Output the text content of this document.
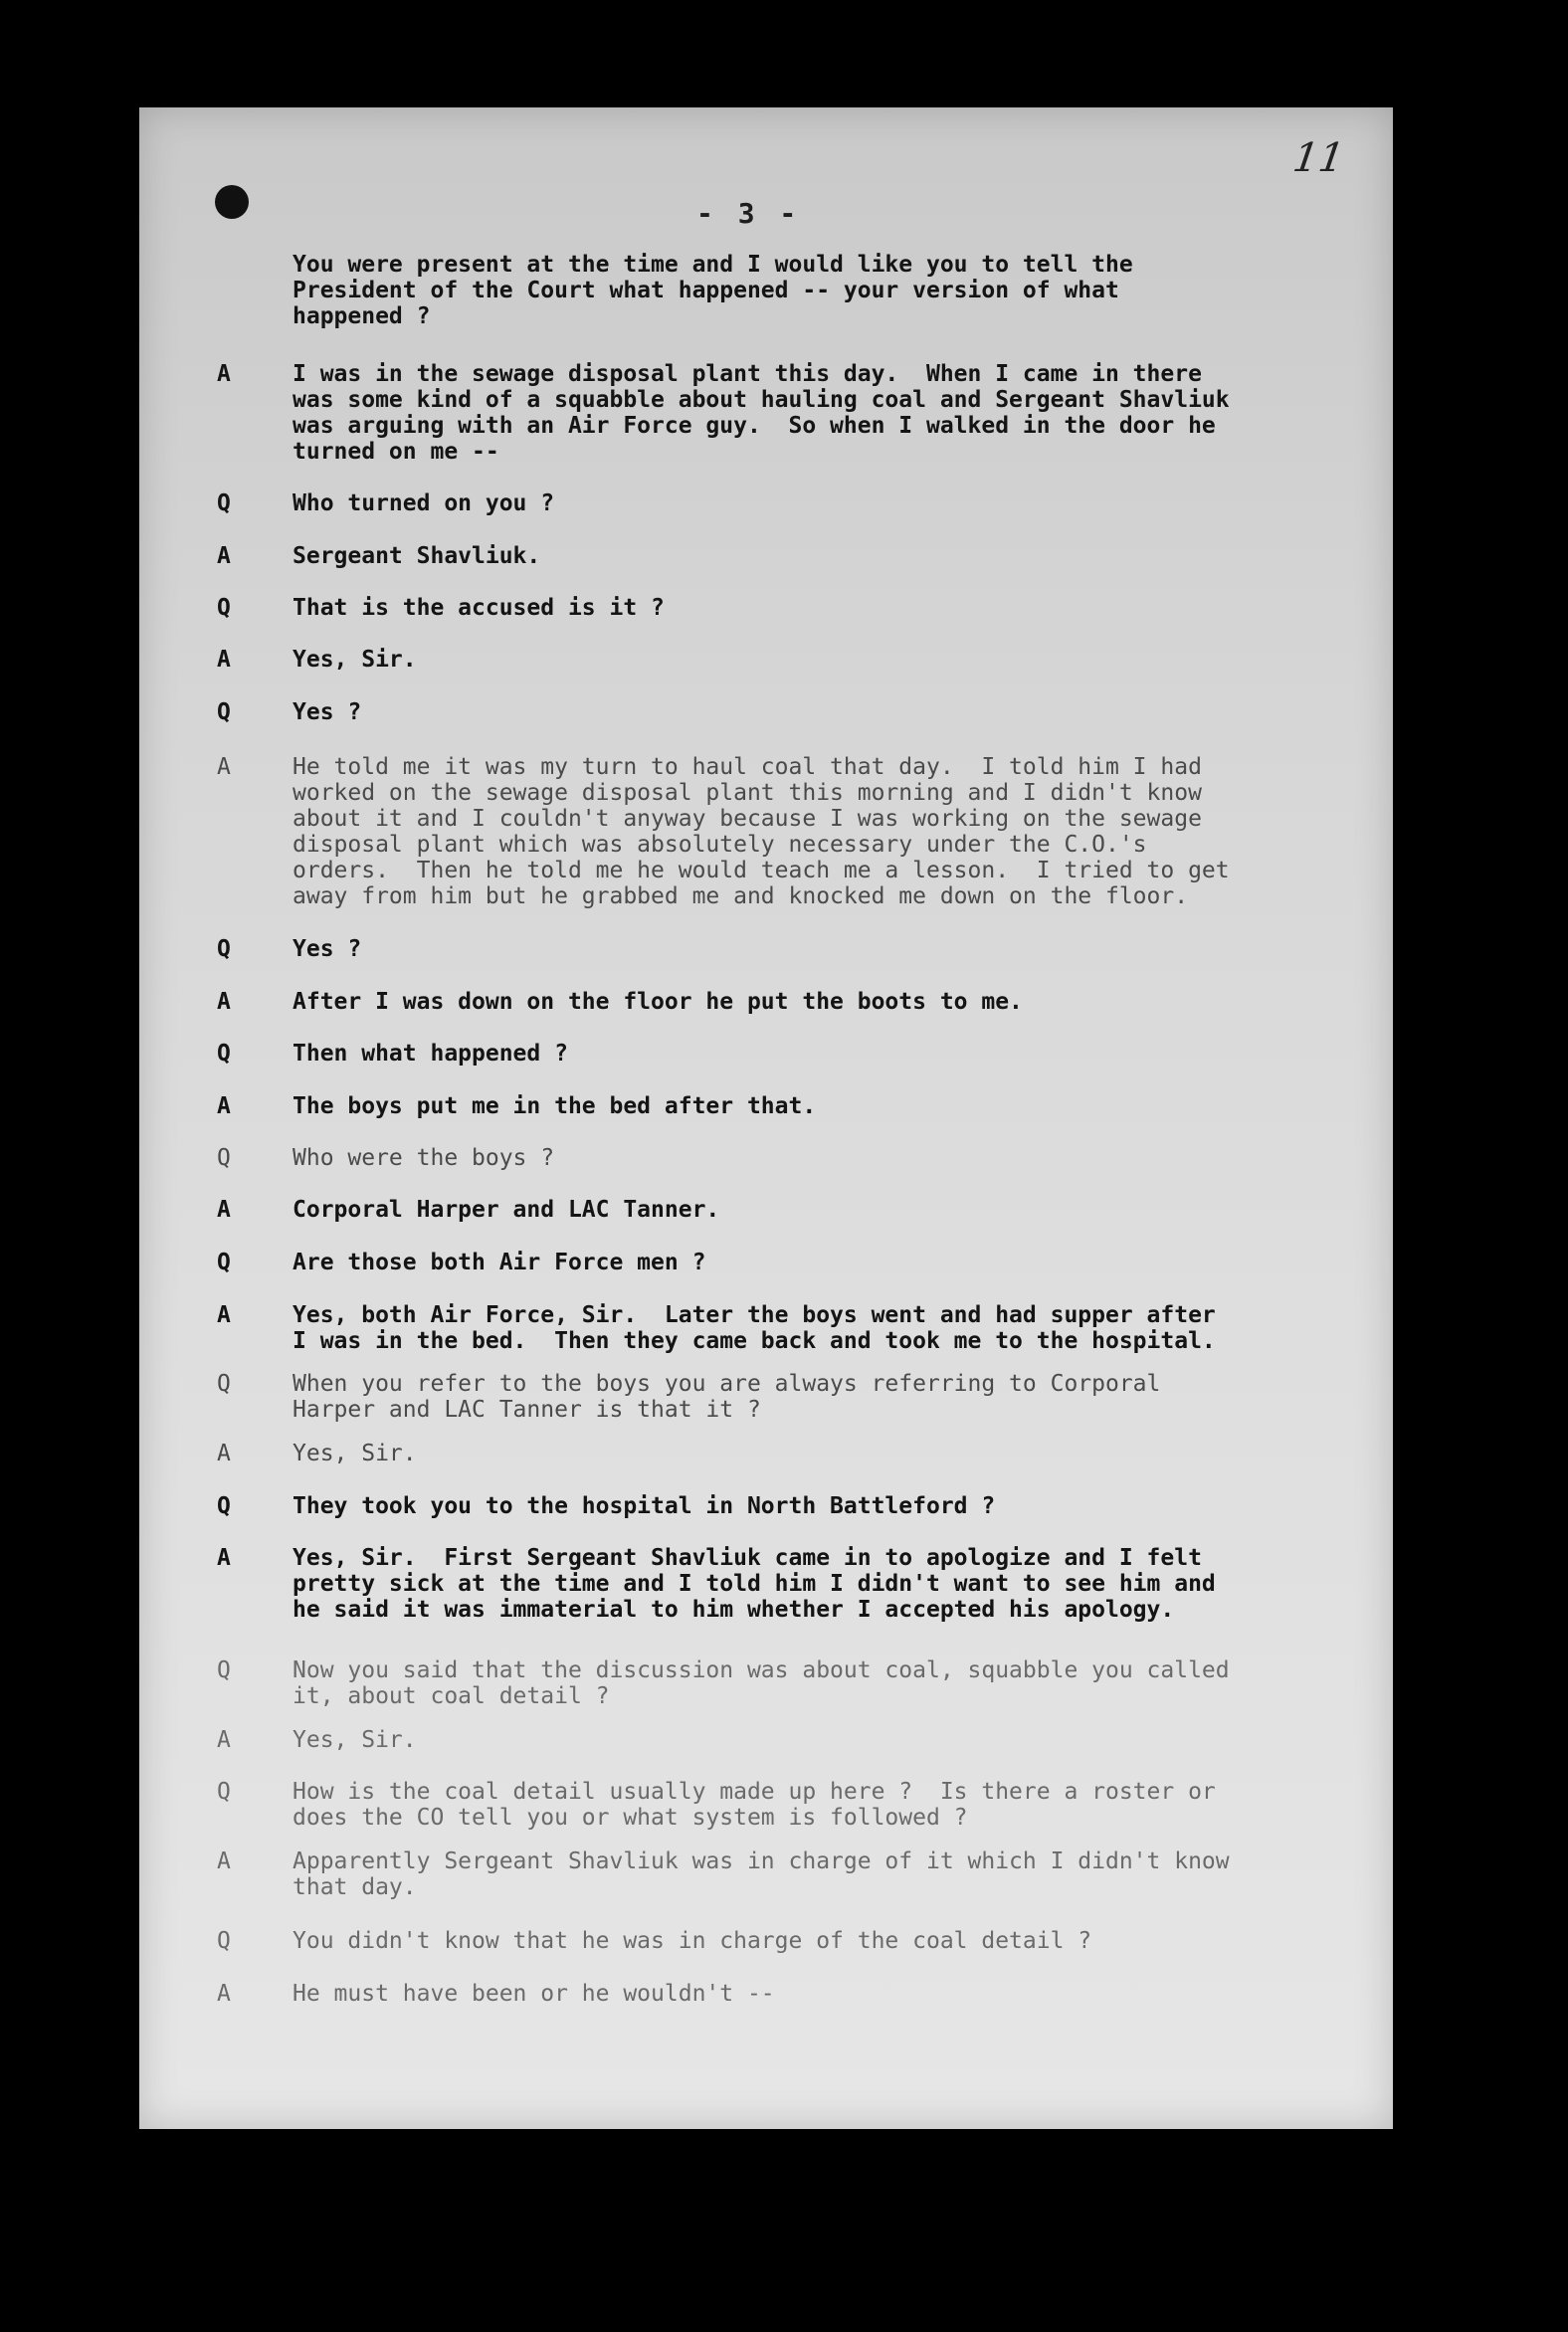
11
- 3 -
You were present at the time and I would like you to tell the
President of the Court what happened -- your version of what
happened ?
A	I was in the sewage disposal plant this day.  When I came in there
was some kind of a squabble about hauling coal and Sergeant Shavliuk
was arguing with an Air Force guy.  So when I walked in the door he
turned on me --
Q	Who turned on you ?
A	Sergeant Shavliuk.
Q	That is the accused is it ?
A	Yes, Sir.
Q	Yes ?
A	He told me it was my turn to haul coal that day.  I told him I had
worked on the sewage disposal plant this morning and I didn't know
about it and I couldn't anyway because I was working on the sewage
disposal plant which was absolutely necessary under the C.O.'s
orders.  Then he told me he would teach me a lesson.  I tried to get
away from him but he grabbed me and knocked me down on the floor.
Q	Yes ?
A	After I was down on the floor he put the boots to me.
Q	Then what happened ?
A	The boys put me in the bed after that.
Q	Who were the boys ?
A	Corporal Harper and LAC Tanner.
Q	Are those both Air Force men ?
A	Yes, both Air Force, Sir.  Later the boys went and had supper after
I was in the bed.  Then they came back and took me to the hospital.
Q	When you refer to the boys you are always referring to Corporal
Harper and LAC Tanner is that it ?
A	Yes, Sir.
Q	They took you to the hospital in North Battleford ?
A	Yes, Sir.  First Sergeant Shavliuk came in to apologize and I felt
pretty sick at the time and I told him I didn't want to see him and
he said it was immaterial to him whether I accepted his apology.
Q	Now you said that the discussion was about coal, squabble you called
it, about coal detail ?
A	Yes, Sir.
Q	How is the coal detail usually made up here ?  Is there a roster or
does the CO tell you or what system is followed ?
A	Apparently Sergeant Shavliuk was in charge of it which I didn't know
that day.
Q	You didn't know that he was in charge of the coal detail ?
A	He must have been or he wouldn't --
